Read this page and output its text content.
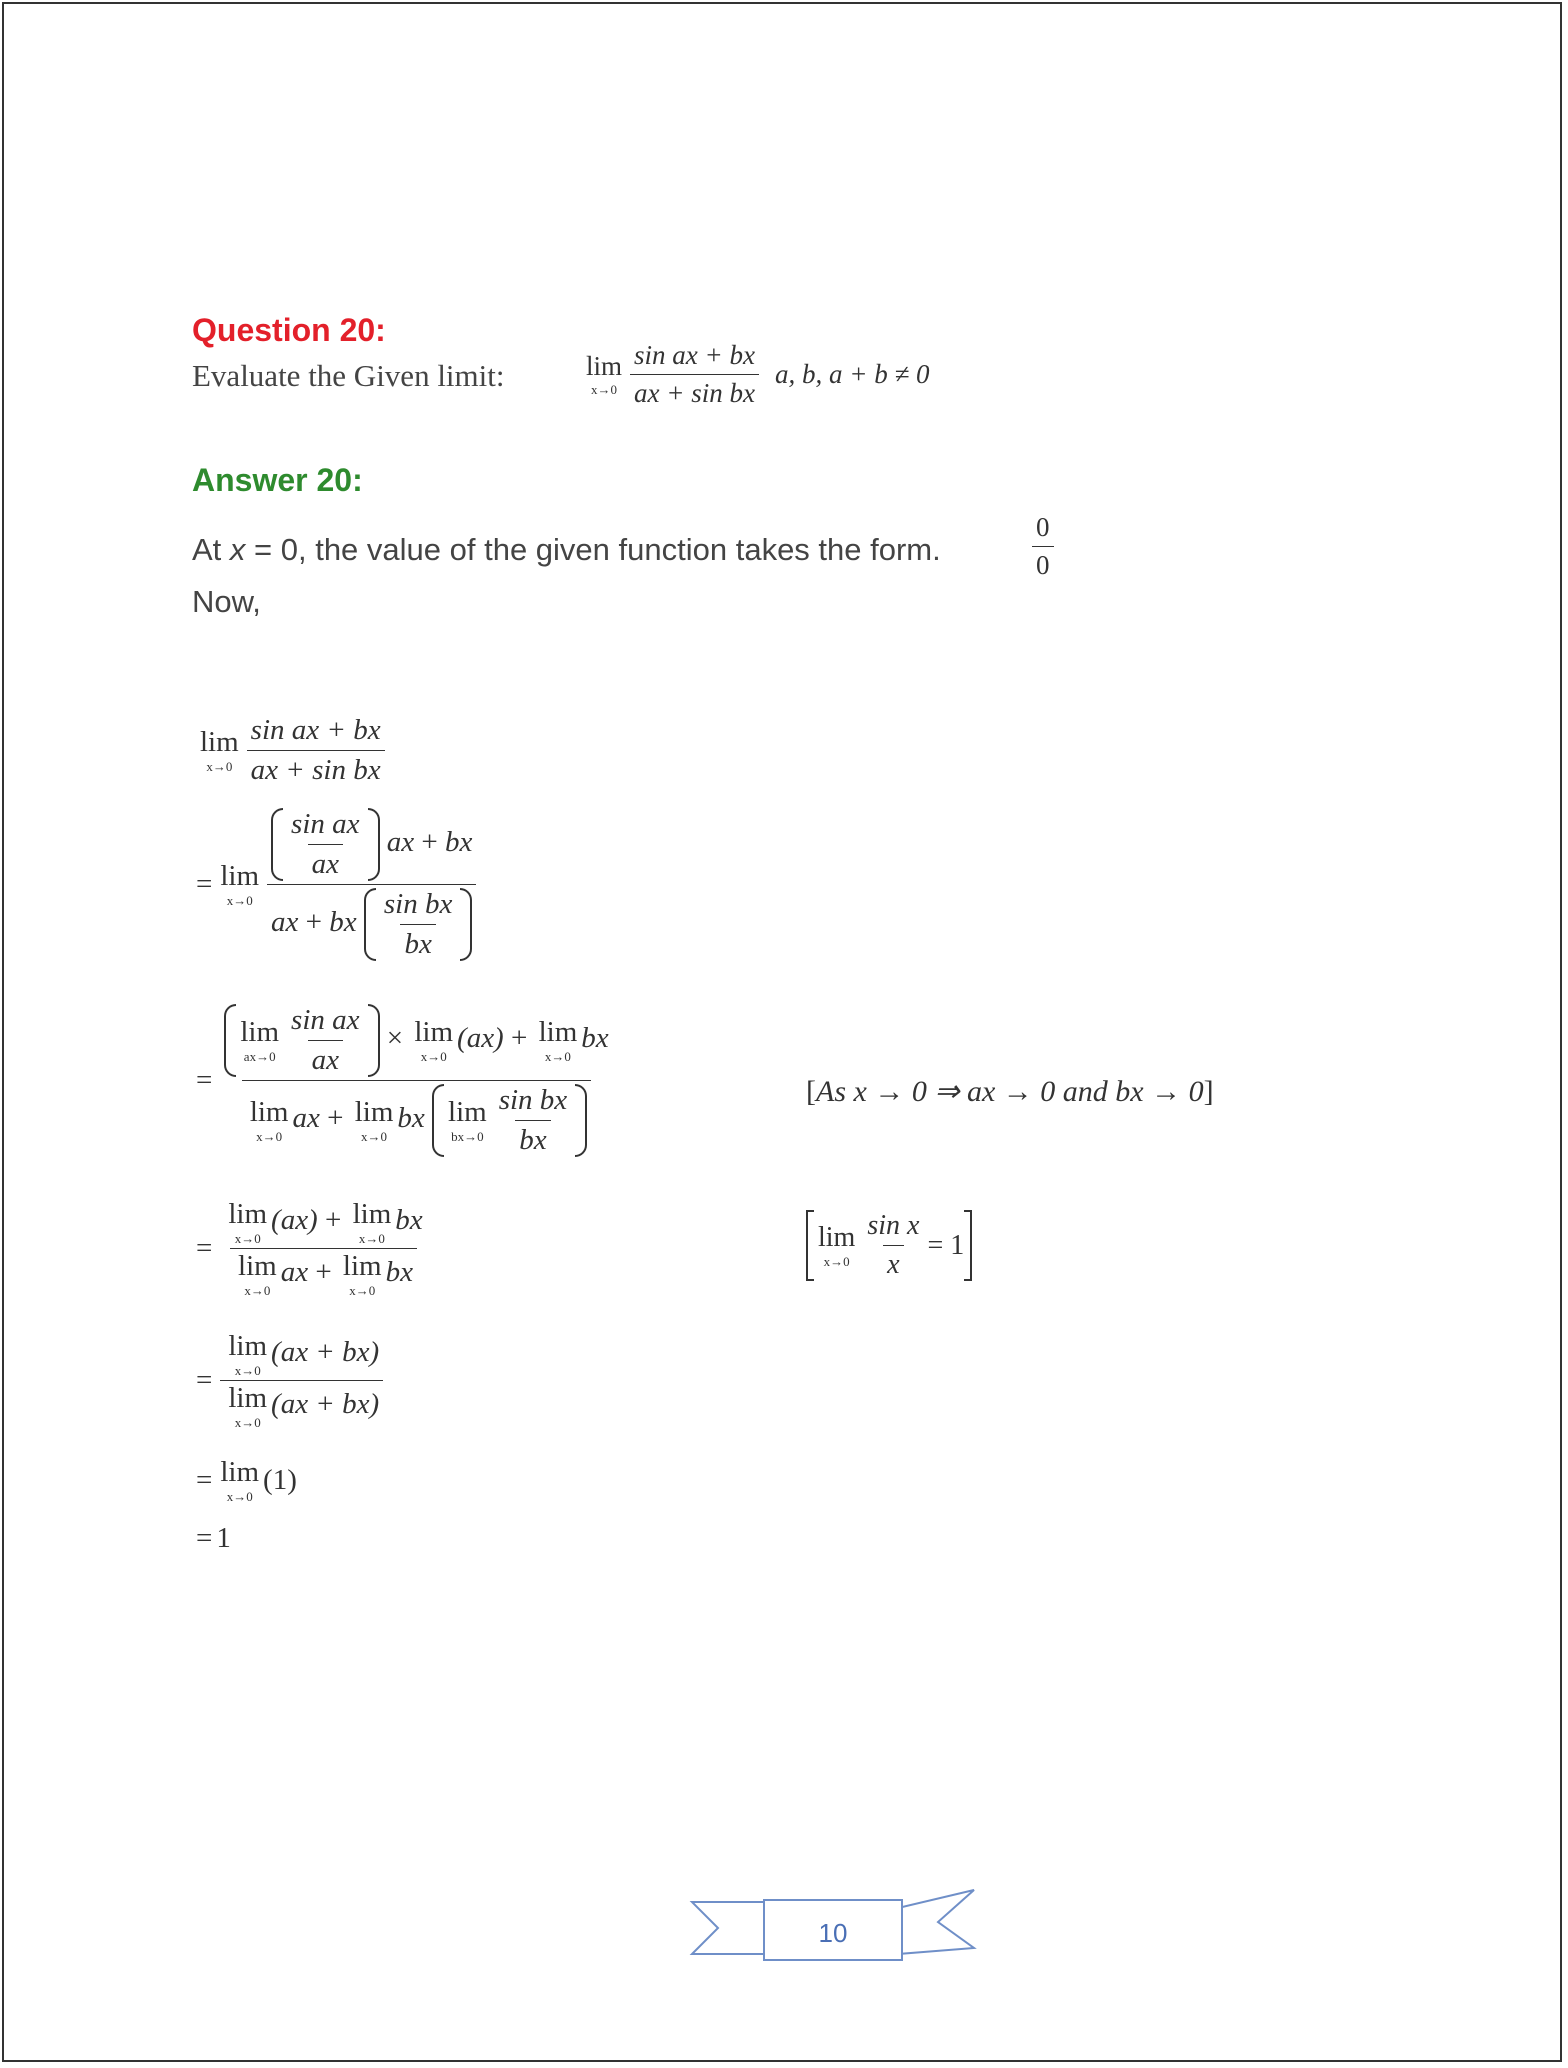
Question 20:
Evaluate the Given limit:	lim
$x\to 0 \frac{\text{sin ax + bx}}{\text{ax + sin bx}} a$, b, a + b ≠ 0
Answer 20:
At x = 0, the value of the given function takes the form.	$\frac{0}{0}$
Now,
lim
$x\to 0 \frac{\text{sin ax + bx}}{\text{ax + sin bx}}$
= lim
$x\to 0 \frac{\frac{\text{sin ax}}{ax} ax + bx}{ax + bx \frac{\text{sin bx}}{bx}}$
=
lim
$ax\to 0 \frac{\text{sin ax}}{ax} \times \lim$
x→0
(ax) + lim
x→0
bx
lim
x→0
ax + lim
x→0
bx lim
$bx\to 0 \frac{\text{sin bx}}{bx}$	[As x → 0 ⇒ ax → 0 and bx → 0]
lim
$x\to 0 \frac{\text{sin x}}{x} = 1$
= lim
x→0
(ax) + lim
x→0
bx
lim
x→0
ax + lim
x→0
bx
= lim
x→0
(ax + bx)
lim
x→0
(ax + bx)
= lim
x→0
(1)
= 1
10
